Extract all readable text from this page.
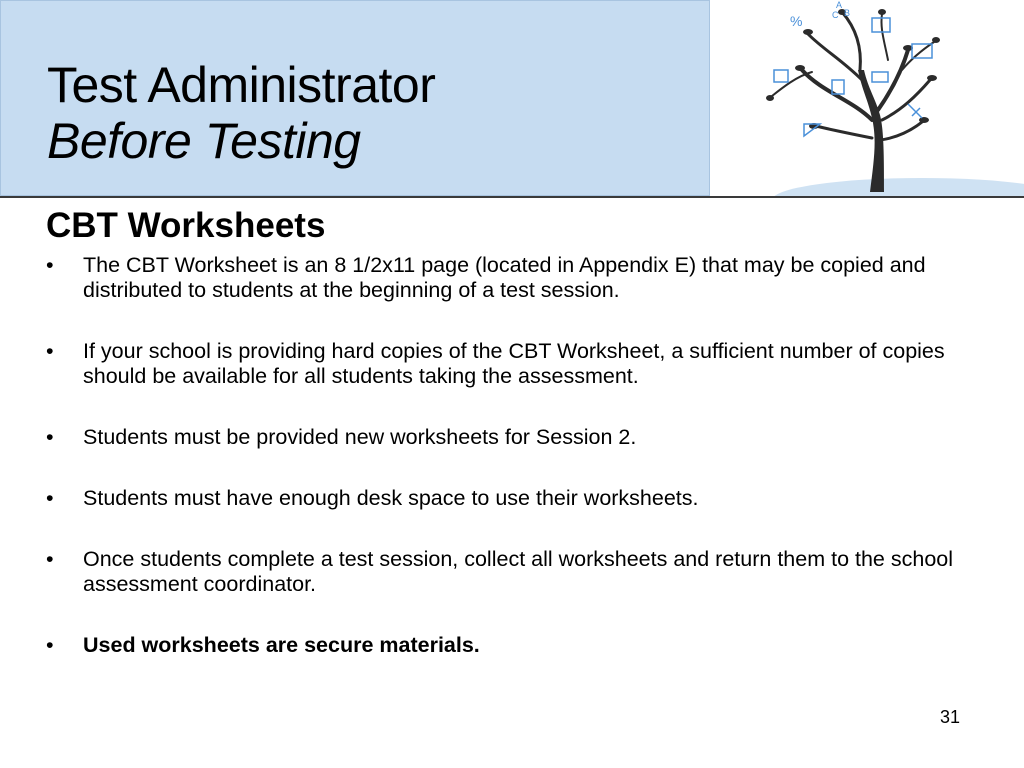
Test Administrator
Before Testing
%
A
C B
CBT Worksheets
• The CBT Worksheet is an 8 1/2x11 page (located in Appendix E) that may be copied and distributed to students at the beginning of a test session.
• If your school is providing hard copies of the CBT Worksheet, a sufficient number of copies should be available for all students taking the assessment.
• Students must be provided new worksheets for Session 2.
• Students must have enough desk space to use their worksheets.
• Once students complete a test session, collect all worksheets and return them to the school assessment coordinator.
• Used worksheets are secure materials.
31
